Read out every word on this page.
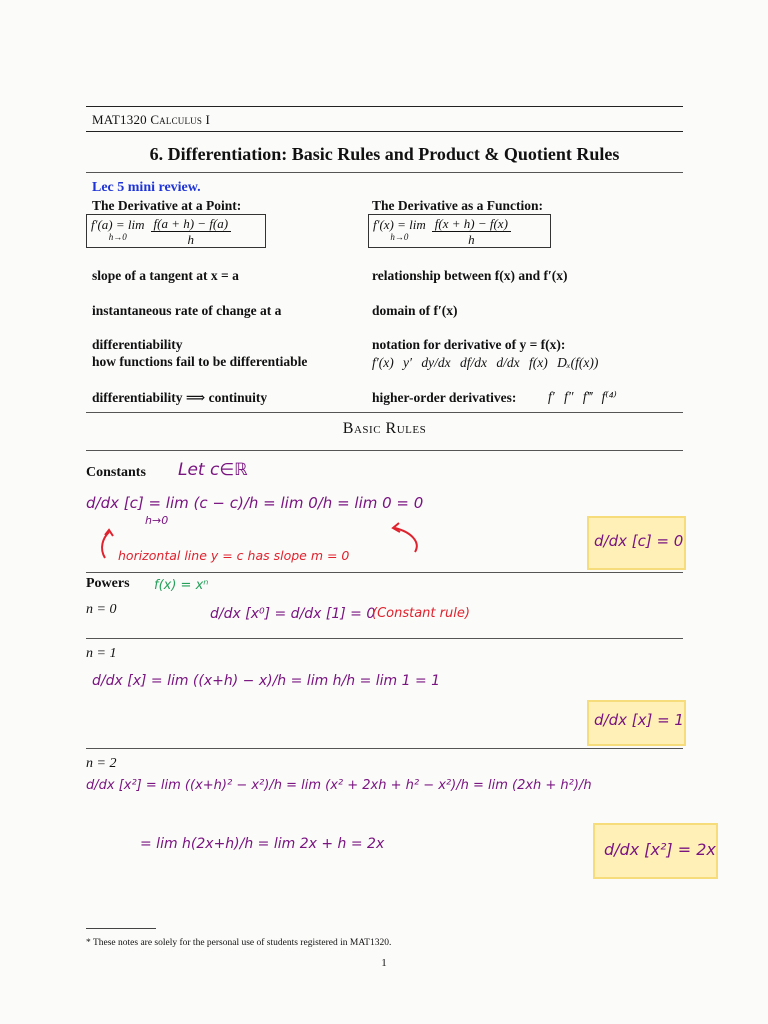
MAT1320 Calculus I
6. Differentiation: Basic Rules and Product & Quotient Rules
Lec 5 mini review.
The Derivative at a Point:
f′(a) = lim
$h\to 0 \frac{f(a + h) - f(a)}{h}$
The Derivative as a Function:
f′(x) = lim
$h\to 0 \frac{f(x + h) - f(x)}{h}$
slope of a tangent at x = a
instantaneous rate of change at a
differentiability
how functions fail to be differentiable
differentiability ⟹ continuity
relationship between f(x) and f′(x)
domain of f′(x)
notation for derivative of y = f(x):
f′(x) y′ dy/dx df/dx d/dx f(x) Dₓ(f(x))
higher-order derivatives: f′ f″ f‴ f⁽⁴⁾
Basic Rules
Constants Let c∈ℝ
d/dx [c] = lim (c − c)/h = lim 0/h = lim 0 = 0
h→0
horizontal line y = c has slope m = 0
d/dx [c] = 0
Powers f(x) = xⁿ
n = 0	d/dx [x⁰] = d/dx [1] = 0
(Constant rule)
n = 1
d/dx [x] = lim ((x+h) − x)/h = lim h/h = lim 1 = 1
d/dx [x] = 1
n = 2
d/dx [x²] = lim ((x+h)² − x²)/h = lim (x² + 2xh + h² − x²)/h = lim (2xh + h²)/h
= lim h(2x+h)/h = lim 2x + h = 2x	d/dx [x²] = 2x
* These notes are solely for the personal use of students registered in MAT1320.
1
